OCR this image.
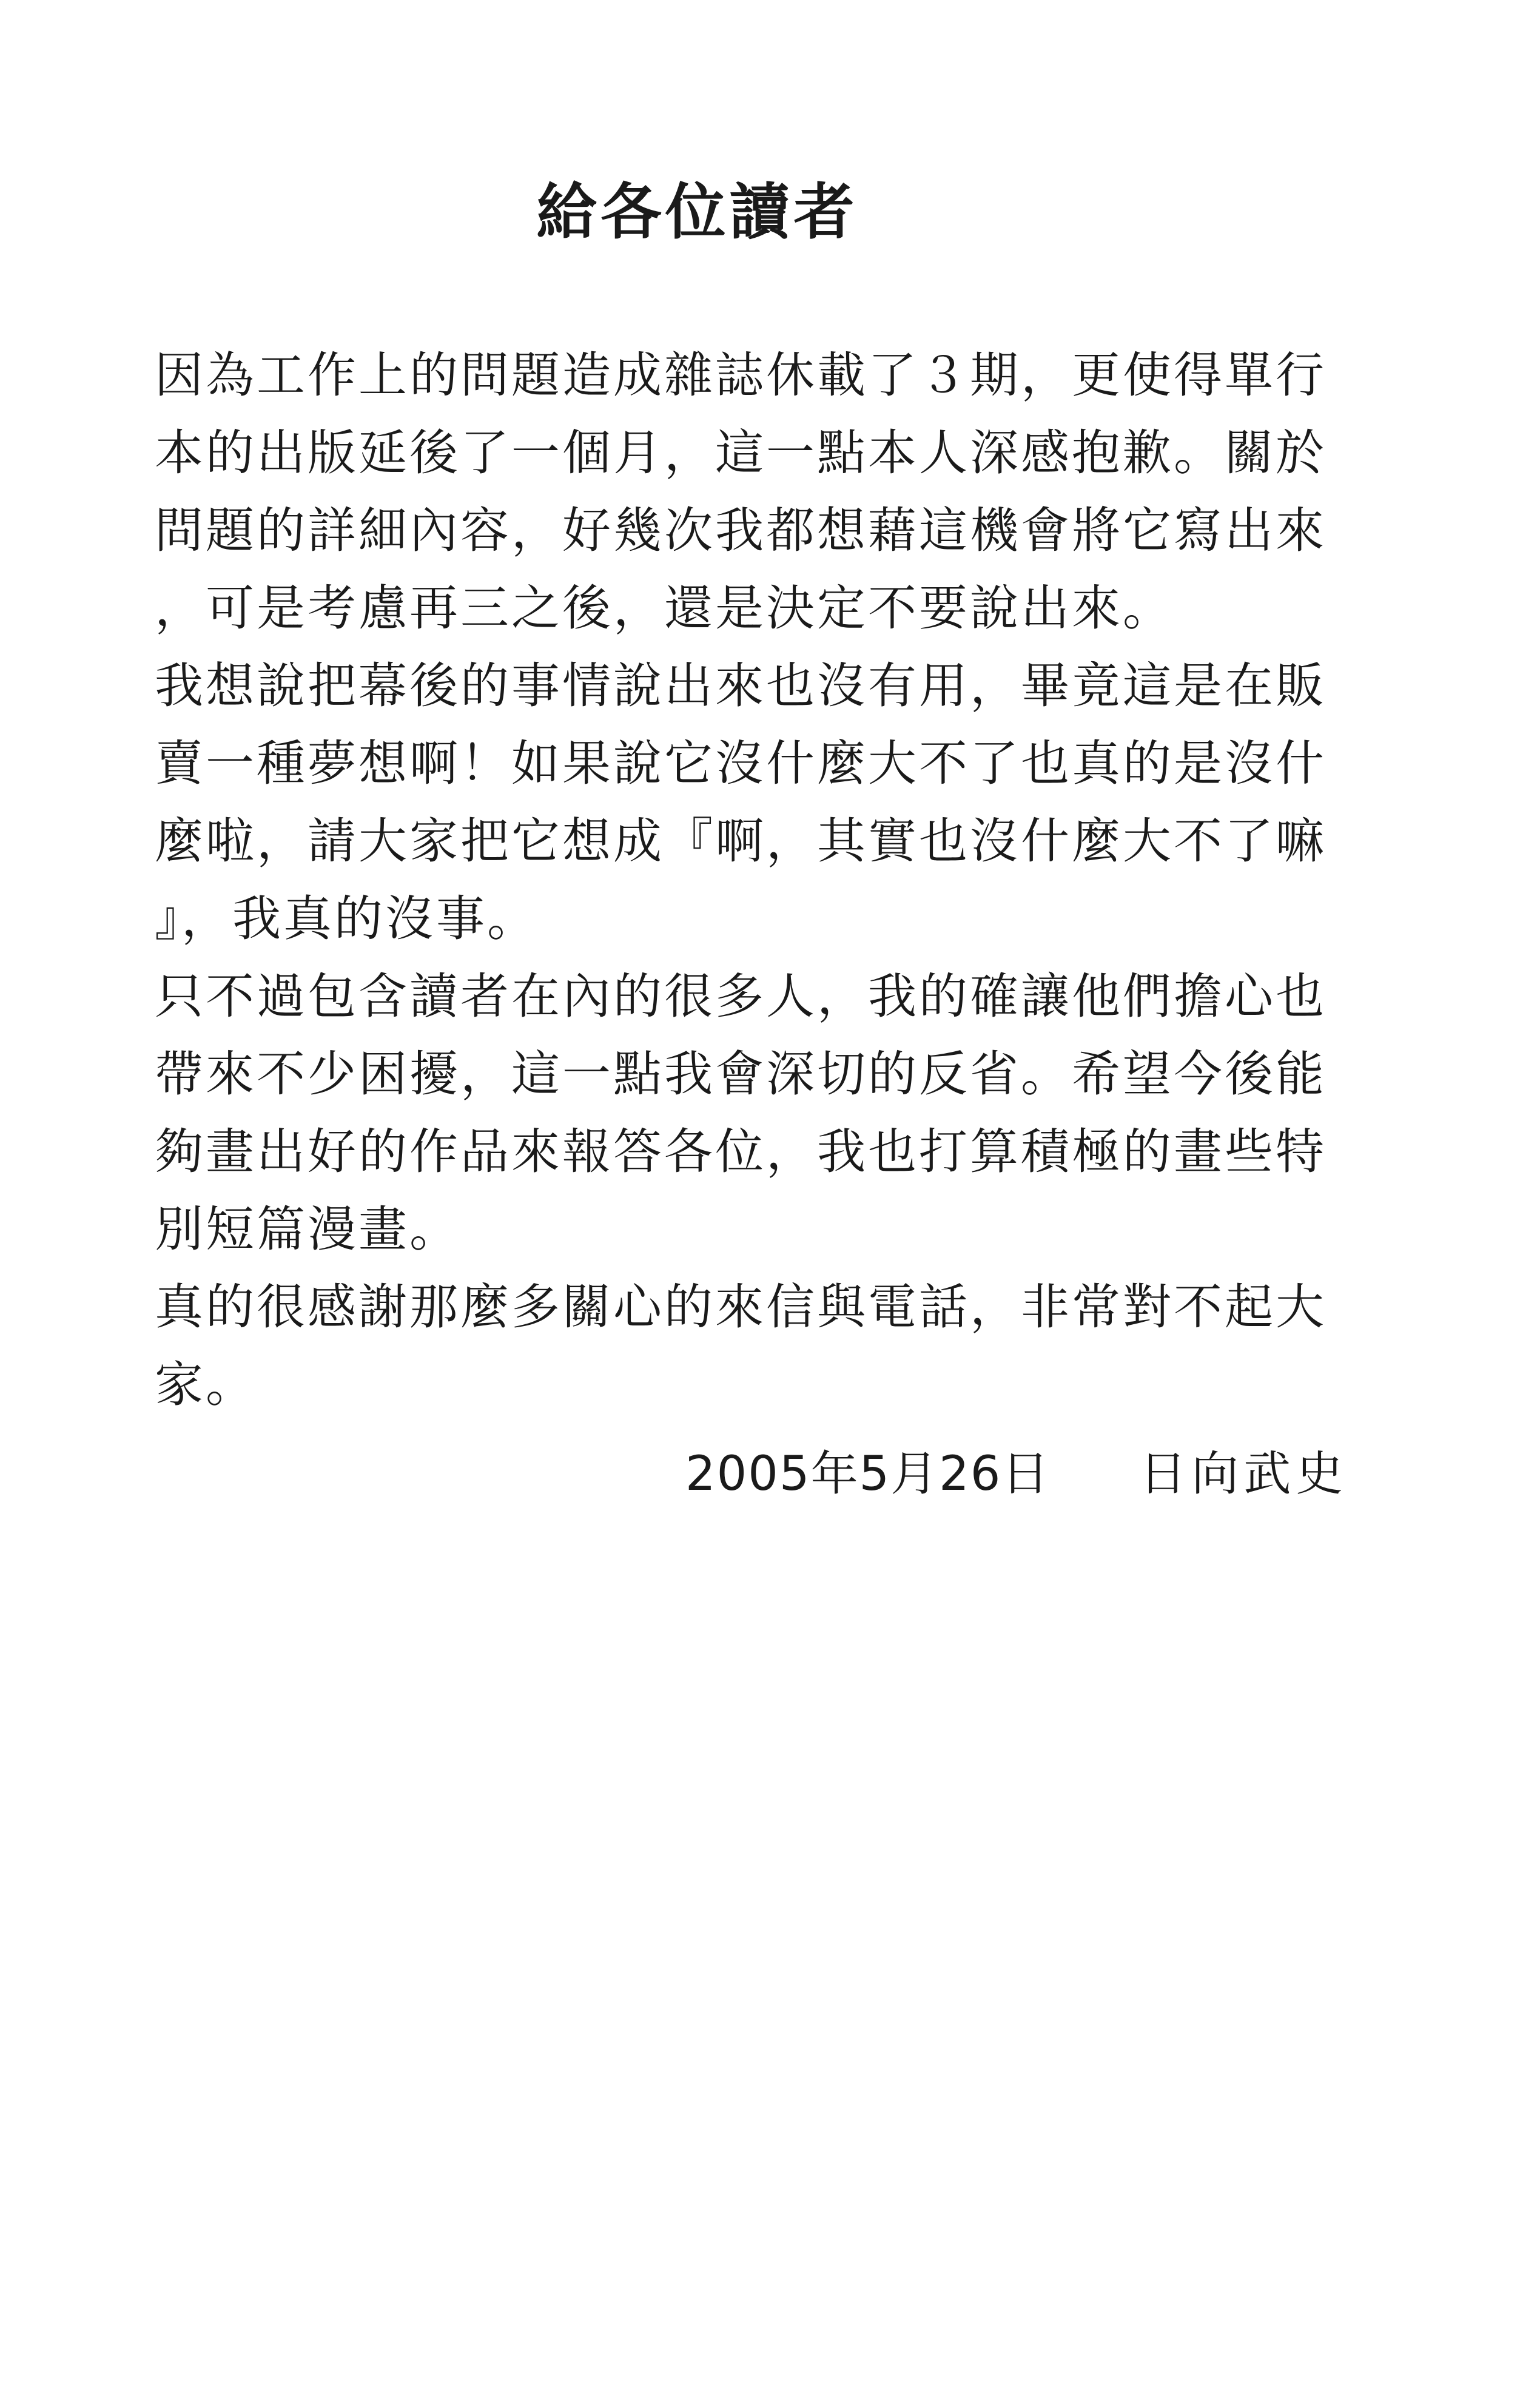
給各位讀者
因為工作上的問題造成雜誌休載了３期，更使得單行
本的出版延後了一個月，這一點本人深感抱歉。關於
問題的詳細內容，好幾次我都想藉這機會將它寫出來
，可是考慮再三之後，還是決定不要說出來。
我想說把幕後的事情說出來也沒有用，畢竟這是在販
賣一種夢想啊！如果說它沒什麼大不了也真的是沒什
麼啦，請大家把它想成『啊，其實也沒什麼大不了嘛
』，我真的沒事。
只不過包含讀者在內的很多人，我的確讓他們擔心也
帶來不少困擾，這一點我會深切的反省。希望今後能
夠畫出好的作品來報答各位，我也打算積極的畫些特
別短篇漫畫。
真的很感謝那麼多關心的來信與電話，非常對不起大
家。
2005年5月26日 日向武史
